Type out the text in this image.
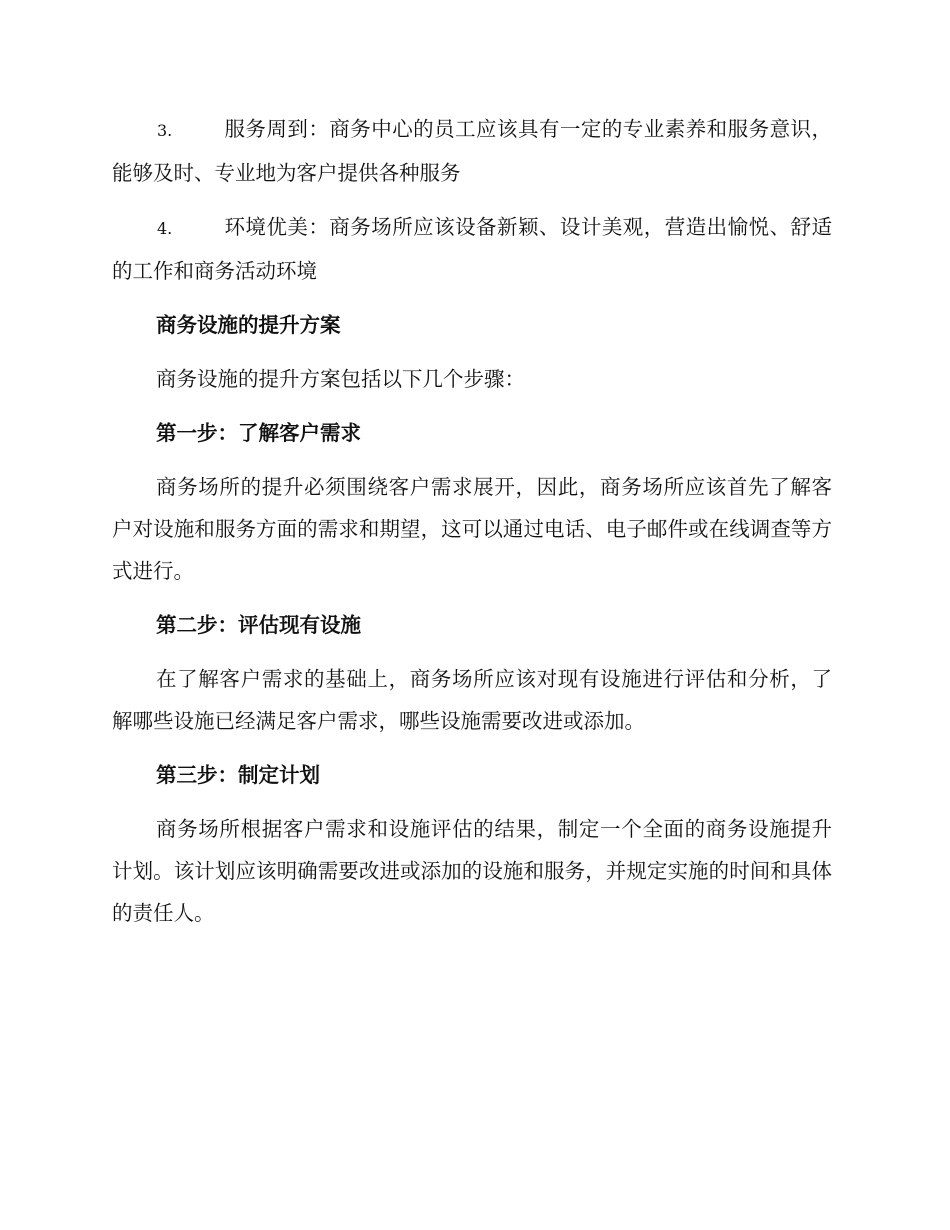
3.	服务周到：商务中心的员工应该具有一定的专业素养和服务意识，能够及时、专业地为客户提供各种服务

4.	环境优美：商务场所应该设备新颖、设计美观，营造出愉悦、舒适的工作和商务活动环境

商务设施的提升方案

商务设施的提升方案包括以下几个步骤：

第一步：了解客户需求

商务场所的提升必须围绕客户需求展开，因此，商务场所应该首先了解客户对设施和服务方面的需求和期望，这可以通过电话、电子邮件或在线调查等方式进行。

第二步：评估现有设施

在了解客户需求的基础上，商务场所应该对现有设施进行评估和分析，了解哪些设施已经满足客户需求，哪些设施需要改进或添加。

第三步：制定计划

商务场所根据客户需求和设施评估的结果，制定一个全面的商务设施提升计划。该计划应该明确需要改进或添加的设施和服务，并规定实施的时间和具体的责任人。
